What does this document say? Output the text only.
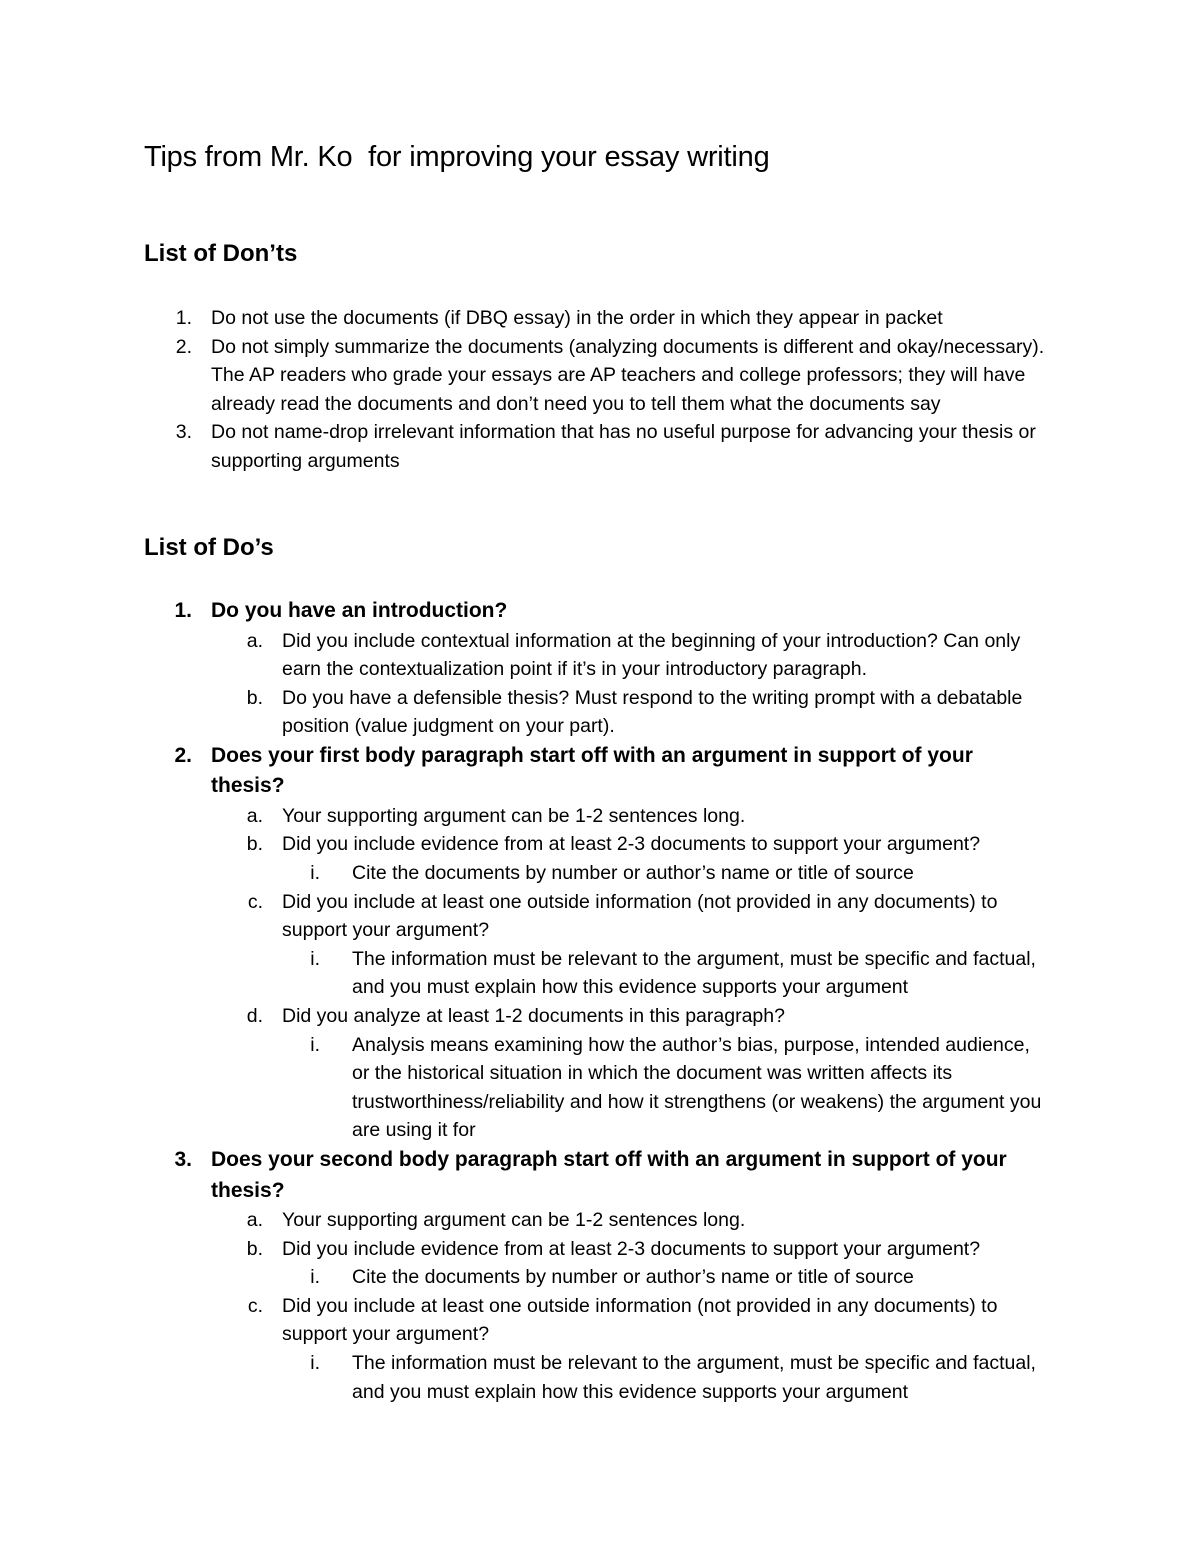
Tips from Mr. Ko  for improving your essay writing
List of Don’ts
1. Do not use the documents (if DBQ essay) in the order in which they appear in packet
2. Do not simply summarize the documents (analyzing documents is different and okay/necessary). The AP readers who grade your essays are AP teachers and college professors; they will have already read the documents and don’t need you to tell them what the documents say
3. Do not name-drop irrelevant information that has no useful purpose for advancing your thesis or supporting arguments
List of Do’s
1. Do you have an introduction?
a. Did you include contextual information at the beginning of your introduction? Can only earn the contextualization point if it’s in your introductory paragraph.
b. Do you have a defensible thesis? Must respond to the writing prompt with a debatable position (value judgment on your part).
2. Does your first body paragraph start off with an argument in support of your thesis?
a. Your supporting argument can be 1-2 sentences long.
b. Did you include evidence from at least 2-3 documents to support your argument?
i. Cite the documents by number or author’s name or title of source
c. Did you include at least one outside information (not provided in any documents) to support your argument?
i. The information must be relevant to the argument, must be specific and factual, and you must explain how this evidence supports your argument
d. Did you analyze at least 1-2 documents in this paragraph?
i. Analysis means examining how the author’s bias, purpose, intended audience, or the historical situation in which the document was written affects its trustworthiness/reliability and how it strengthens (or weakens) the argument you are using it for
3. Does your second body paragraph start off with an argument in support of your thesis?
a. Your supporting argument can be 1-2 sentences long.
b. Did you include evidence from at least 2-3 documents to support your argument?
i. Cite the documents by number or author’s name or title of source
c. Did you include at least one outside information (not provided in any documents) to support your argument?
i. The information must be relevant to the argument, must be specific and factual, and you must explain how this evidence supports your argument
